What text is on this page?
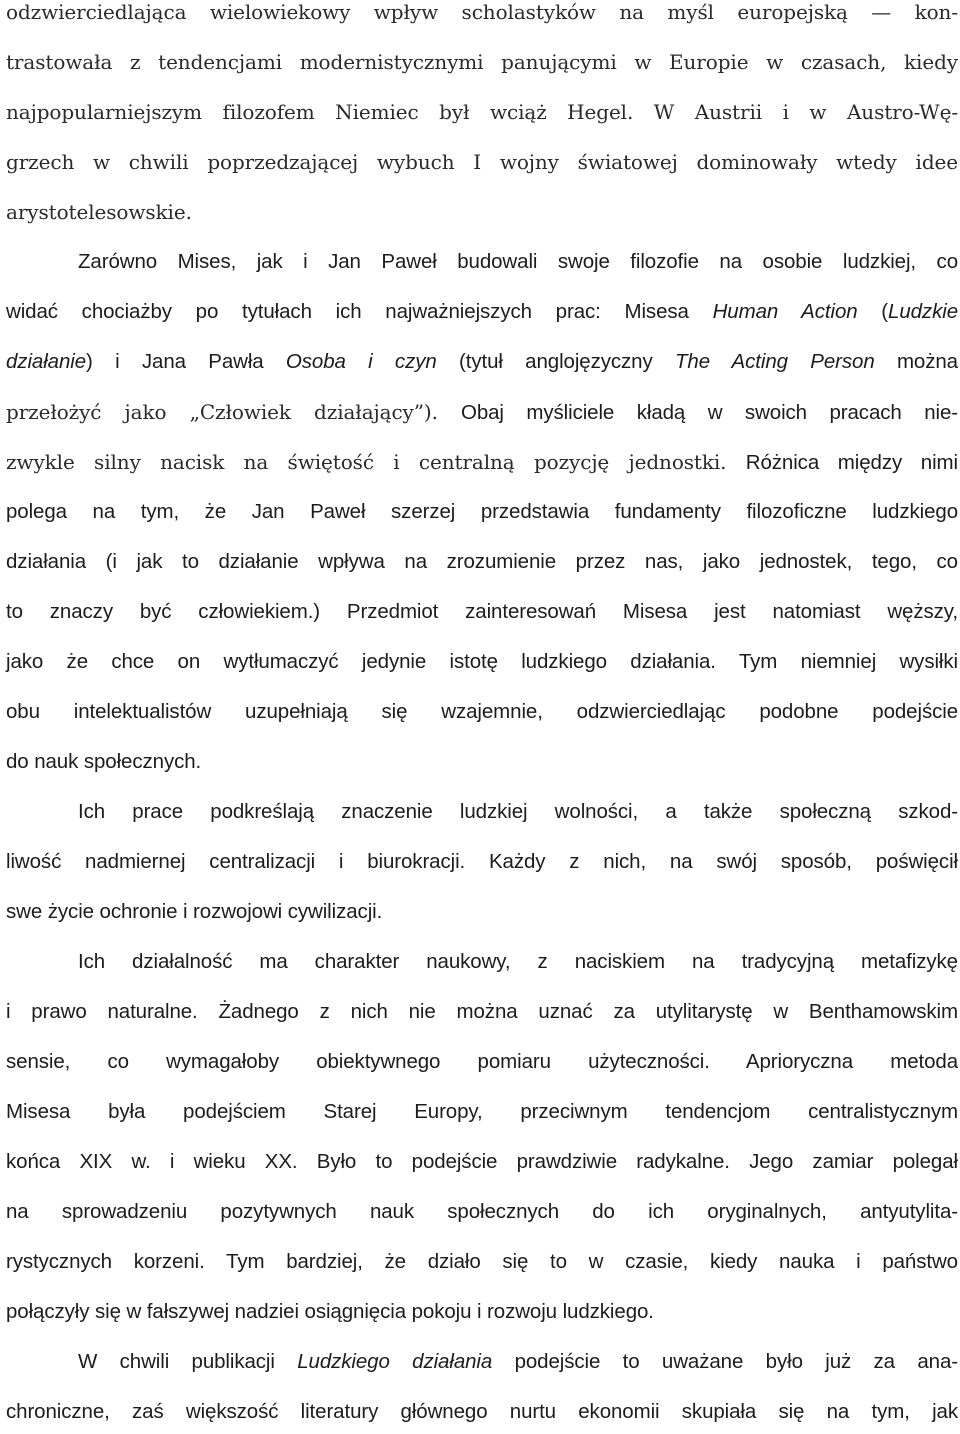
odzwierciedlająca wielowiekowy wpływ scholastyków na myśl europejską — kon-

trastowała z tendencjami modernistycznymi panującymi w Europie w czasach, kiedy

najpopularniejszym filozofem Niemiec był wciąż Hegel. W Austrii i w Austro-Wę-

grzech w chwili poprzedzającej wybuch I wojny światowej dominowały wtedy idee

arystotelesowskie.

Zarówno Mises, jak i Jan Paweł budowali swoje filozofie na osobie ludzkiej, co

widać chociażby po tytułach ich najważniejszych prac: Misesa Human Action (Ludzkie

działanie) i Jana Pawła Osoba i czyn (tytuł anglojęzyczny The Acting Person można

przełożyć jako „Człowiek działający”). Obaj myśliciele kładą w swoich pracach nie-

zwykle silny nacisk na świętość i centralną pozycję jednostki. Różnica między nimi

polega na tym, że Jan Paweł szerzej przedstawia fundamenty filozoficzne ludzkiego

działania (i jak to działanie wpływa na zrozumienie przez nas, jako jednostek, tego, co

to znaczy być człowiekiem.) Przedmiot zainteresowań Misesa jest natomiast węższy,

jako że chce on wytłumaczyć jedynie istotę ludzkiego działania. Tym niemniej wysiłki

obu intelektualistów uzupełniają się wzajemnie, odzwierciedlając podobne podejście

do nauk społecznych.

Ich prace podkreślają znaczenie ludzkiej wolności, a także społeczną szkod-

liwość nadmiernej centralizacji i biurokracji. Każdy z nich, na swój sposób, poświęcił

swe życie ochronie i rozwojowi cywilizacji.

Ich działalność ma charakter naukowy, z naciskiem na tradycyjną metafizykę

i prawo naturalne. Żadnego z nich nie można uznać za utylitarystę w Benthamowskim

sensie, co wymagałoby obiektywnego pomiaru użyteczności. Aprioryczna metoda

Misesa była podejściem Starej Europy, przeciwnym tendencjom centralistycznym

końca XIX w. i wieku XX. Było to podejście prawdziwie radykalne. Jego zamiar polegał

na sprowadzeniu pozytywnych nauk społecznych do ich oryginalnych, antyutylita-

rystycznych korzeni. Tym bardziej, że działo się to w czasie, kiedy nauka i państwo

połączyły się w fałszywej nadziei osiągnięcia pokoju i rozwoju ludzkiego.

W chwili publikacji Ludzkiego działania podejście to uważane było już za ana-

chroniczne, zaś większość literatury głównego nurtu ekonomii skupiała się na tym, jak
